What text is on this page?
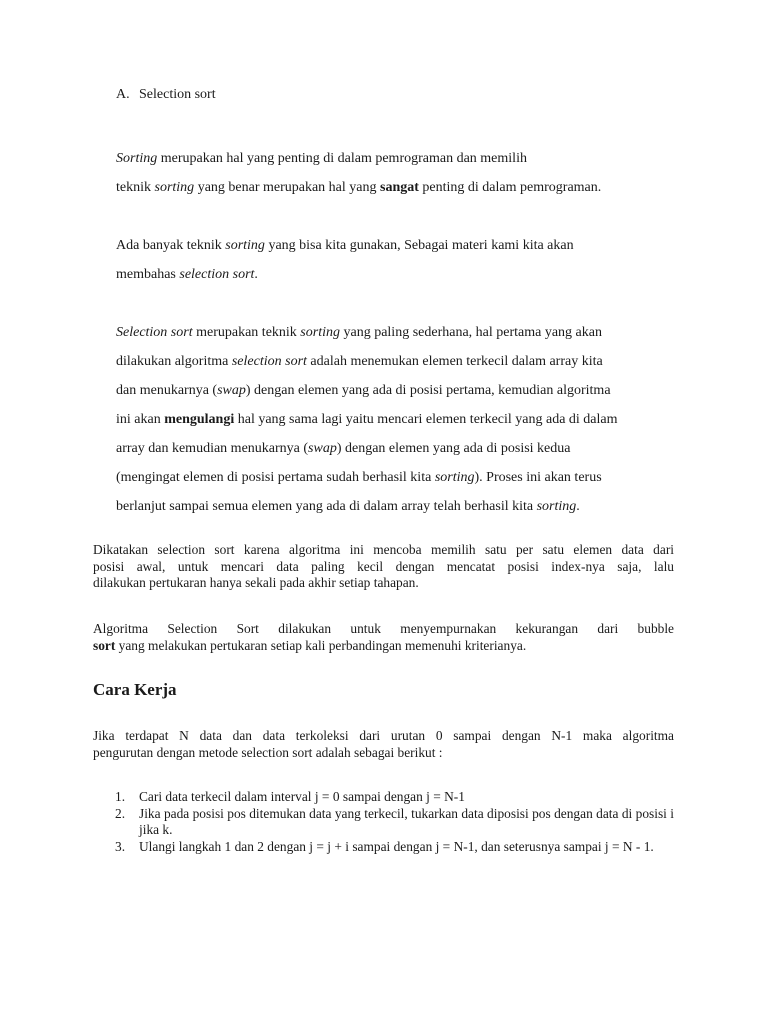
A. Selection sort
Sorting merupakan hal yang penting di dalam pemrograman dan memilih
teknik sorting yang benar merupakan hal yang sangat penting di dalam pemrograman.
Ada banyak teknik sorting yang bisa kita gunakan, Sebagai materi kami kita akan
membahas selection sort.
Selection sort merupakan teknik sorting yang paling sederhana, hal pertama yang akan
dilakukan algoritma selection sort adalah menemukan elemen terkecil dalam array kita
dan menukarnya (swap) dengan elemen yang ada di posisi pertama, kemudian algoritma
ini akan mengulangi hal yang sama lagi yaitu mencari elemen terkecil yang ada di dalam
array dan kemudian menukarnya (swap) dengan elemen yang ada di posisi kedua
(mengingat elemen di posisi pertama sudah berhasil kita sorting). Proses ini akan terus
berlanjut sampai semua elemen yang ada di dalam array telah berhasil kita sorting.
Dikatakan selection sort karena algoritma ini mencoba memilih satu per satu elemen data dari
posisi awal, untuk mencari data paling kecil dengan mencatat posisi index-nya saja, lalu
dilakukan pertukaran hanya sekali pada akhir setiap tahapan.
Algoritma Selection Sort dilakukan untuk menyempurnakan kekurangan dari bubble
sort yang melakukan pertukaran setiap kali perbandingan memenuhi kriterianya.
Cara Kerja
Jika terdapat N data dan data terkoleksi dari urutan 0 sampai dengan N-1 maka algoritma
pengurutan dengan metode selection sort adalah sebagai berikut :
1. Cari data terkecil dalam interval j = 0 sampai dengan j = N-1
2. Jika pada posisi pos ditemukan data yang terkecil, tukarkan data diposisi pos dengan data di posisi i jika k.
3. Ulangi langkah 1 dan 2 dengan j = j + i sampai dengan j = N-1, dan seterusnya sampai j = N - 1.
